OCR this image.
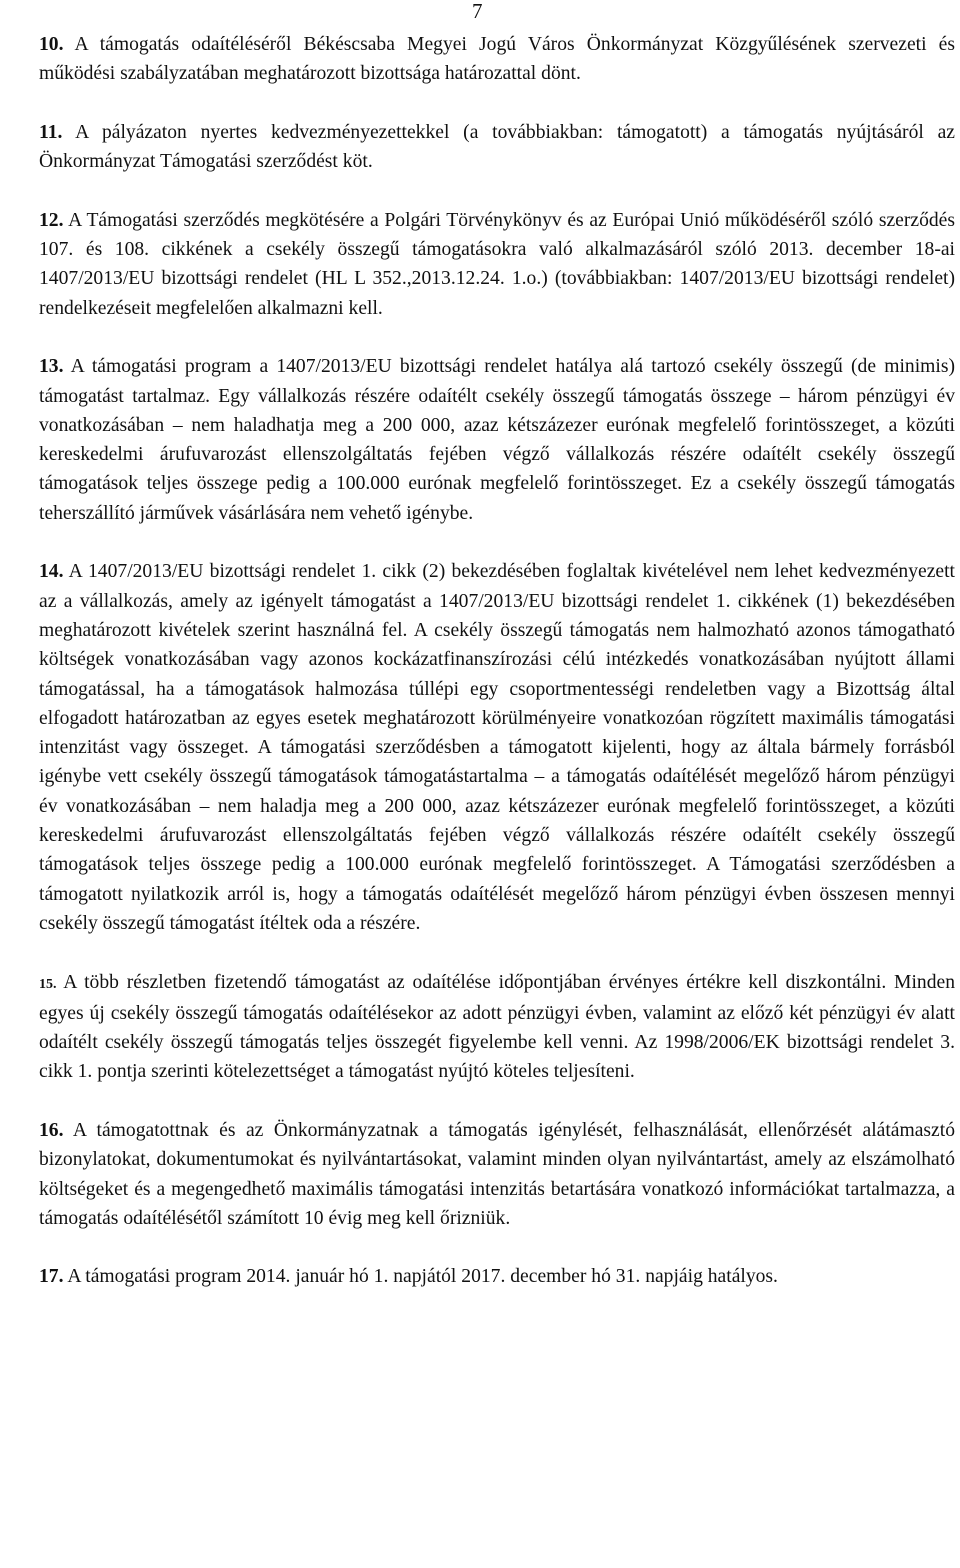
7

10. A támogatás odaítéléséről Békéscsaba Megyei Jogú Város Önkormányzat Közgyűlésének szervezeti és működési szabályzatában meghatározott bizottsága határozattal dönt.

11. A pályázaton nyertes kedvezményezettekkel (a továbbiakban: támogatott) a támogatás nyújtásáról az Önkormányzat Támogatási szerződést köt.

12. A Támogatási szerződés megkötésére a Polgári Törvénykönyv és az Európai Unió működéséről szóló szerződés 107. és 108. cikkének a csekély összegű támogatásokra való alkalmazásáról szóló 2013. december 18-ai 1407/2013/EU bizottsági rendelet (HL L 352.,2013.12.24. 1.o.) (továbbiakban: 1407/2013/EU bizottsági rendelet) rendelkezéseit megfelelően alkalmazni kell.

13. A támogatási program a 1407/2013/EU bizottsági rendelet hatálya alá tartozó csekély összegű (de minimis) támogatást tartalmaz. Egy vállalkozás részére odaítélt csekély összegű támogatás összege – három pénzügyi év vonatkozásában – nem haladhatja meg a 200 000, azaz kétszázezer eurónak megfelelő forintösszeget, a közúti kereskedelmi árufuvarozást ellenszolgáltatás fejében végző vállalkozás részére odaítélt csekély összegű támogatások teljes összege pedig a 100.000 eurónak megfelelő forintösszeget. Ez a csekély összegű támogatás teherszállító járművek vásárlására nem vehető igénybe.

14. A 1407/2013/EU bizottsági rendelet 1. cikk (2) bekezdésében foglaltak kivételével nem lehet kedvezményezett az a vállalkozás, amely az igényelt támogatást a 1407/2013/EU bizottsági rendelet 1. cikkének (1) bekezdésében meghatározott kivételek szerint használná fel. A csekély összegű támogatás nem halmozható azonos támogatható költségek vonatkozásában vagy azonos kockázatfinanszírozási célú intézkedés vonatkozásában nyújtott állami támogatással, ha a támogatások halmozása túllépi egy csoportmentességi rendeletben vagy a Bizottság által elfogadott határozatban az egyes esetek meghatározott körülményeire vonatkozóan rögzített maximális támogatási intenzitást vagy összeget. A támogatási szerződésben a támogatott kijelenti, hogy az általa bármely forrásból igénybe vett csekély összegű támogatások támogatástartalma – a támogatás odaítélését megelőző három pénzügyi év vonatkozásában – nem haladja meg a 200 000, azaz kétszázezer eurónak megfelelő forintösszeget, a közúti kereskedelmi árufuvarozást ellenszolgáltatás fejében végző vállalkozás részére odaítélt csekély összegű támogatások teljes összege pedig a 100.000 eurónak megfelelő forintösszeget. A Támogatási szerződésben a támogatott nyilatkozik arról is, hogy a támogatás odaítélését megelőző három pénzügyi évben összesen mennyi csekély összegű támogatást ítéltek oda a részére.

15. A több részletben fizetendő támogatást az odaítélése időpontjában érvényes értékre kell diszkontálni. Minden egyes új csekély összegű támogatás odaítélésekor az adott pénzügyi évben, valamint az előző két pénzügyi év alatt odaítélt csekély összegű támogatás teljes összegét figyelembe kell venni. Az 1998/2006/EK bizottsági rendelet 3. cikk 1. pontja szerinti kötelezettséget a támogatást nyújtó köteles teljesíteni.

16. A támogatottnak és az Önkormányzatnak a támogatás igénylését, felhasználását, ellenőrzését alátámasztó bizonylatokat, dokumentumokat és nyilvántartásokat, valamint minden olyan nyilvántartást, amely az elszámolható költségeket és a megengedhető maximális támogatási intenzitás betartására vonatkozó információkat tartalmazza, a támogatás odaítélésétől számított 10 évig meg kell őrizniük.

17. A támogatási program 2014. január hó 1. napjától 2017. december hó 31. napjáig hatályos.
